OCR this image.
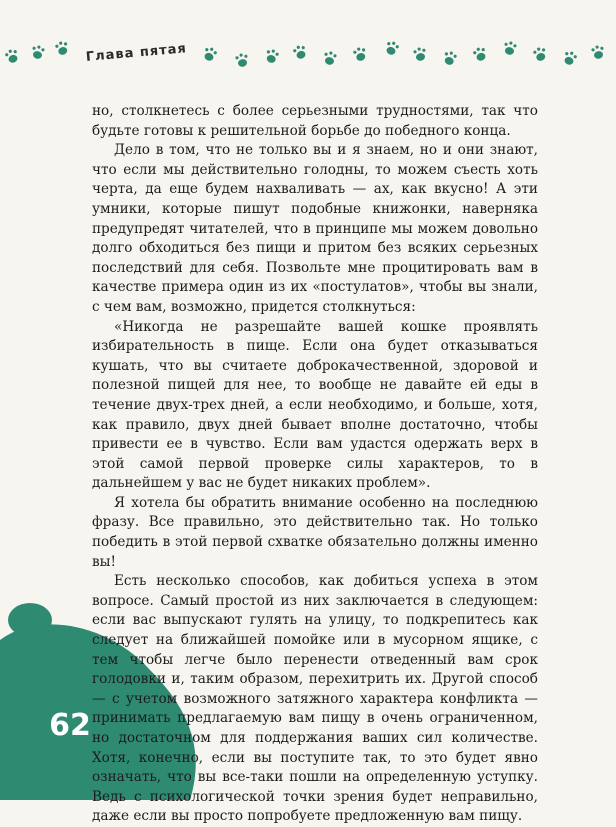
Глава пятая
62

но, столкнетесь с более серьезными трудностями, так что будьте готовы к решительной борьбе до победного конца.

Дело в том, что не только вы и я знаем, но и они знают, что если мы действительно голодны, то можем съесть хоть черта, да еще будем нахваливать — ах, как вкусно! А эти умники, которые пишут подобные книжонки, наверняка предупредят читателей, что в принципе мы можем довольно долго обходиться без пищи и притом без всяких серьезных последствий для себя. Позвольте мне процитировать вам в качестве примера один из их «постулатов», чтобы вы знали, с чем вам, возможно, придется столкнуться:

«Никогда не разрешайте вашей кошке проявлять избирательность в пище. Если она будет отказываться кушать, что вы считаете доброкачественной, здоровой и полезной пищей для нее, то вообще не давайте ей еды в течение двух-трех дней, а если необходимо, и больше, хотя, как правило, двух дней бывает вполне достаточно, чтобы привести ее в чувство. Если вам удастся одержать верх в этой самой первой проверке силы характеров, то в дальнейшем у вас не будет никаких проблем».

Я хотела бы обратить внимание особенно на последнюю фразу. Все правильно, это действительно так. Но только победить в этой первой схватке обязательно должны именно вы!

Есть несколько способов, как добиться успеха в этом вопросе. Самый простой из них заключается в следующем: если вас выпускают гулять на улицу, то подкрепитесь как следует на ближайшей помойке или в мусорном ящике, с тем чтобы легче было перенести отведенный вам срок голодовки и, таким образом, перехитрить их. Другой способ — с учетом возможного затяжного характера конфликта — принимать предлагаемую вам пищу в очень ограниченном, но достаточном для поддержания ваших сил количестве. Хотя, конечно, если вы поступите так, то это будет явно означать, что вы все-таки пошли на определенную уступку. Ведь с психологической точки зрения будет неправильно, даже если вы просто попробуете предложенную вам пищу.
